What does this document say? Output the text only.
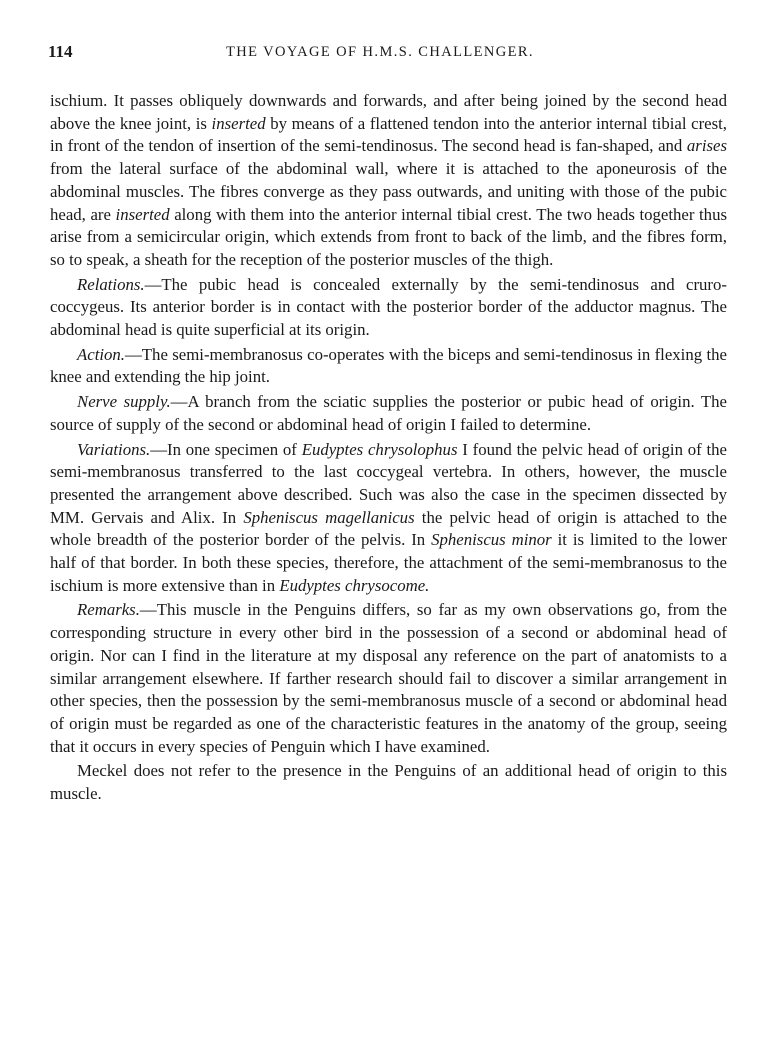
114	THE VOYAGE OF H.M.S. CHALLENGER.

ischium. It passes obliquely downwards and forwards, and after being joined by the second head above the knee joint, is inserted by means of a flattened tendon into the anterior internal tibial crest, in front of the tendon of insertion of the semi-tendinosus. The second head is fan-shaped, and arises from the lateral surface of the abdominal wall, where it is attached to the aponeurosis of the abdominal muscles. The fibres converge as they pass outwards, and uniting with those of the pubic head, are inserted along with them into the anterior internal tibial crest. The two heads together thus arise from a semicircular origin, which extends from front to back of the limb, and the fibres form, so to speak, a sheath for the reception of the posterior muscles of the thigh.

Relations.—The pubic head is concealed externally by the semi-tendinosus and cruro-coccygeus. Its anterior border is in contact with the posterior border of the adductor magnus. The abdominal head is quite superficial at its origin.

Action.—The semi-membranosus co-operates with the biceps and semi-tendinosus in flexing the knee and extending the hip joint.

Nerve supply.—A branch from the sciatic supplies the posterior or pubic head of origin. The source of supply of the second or abdominal head of origin I failed to determine.

Variations.—In one specimen of Eudyptes chrysolophus I found the pelvic head of origin of the semi-membranosus transferred to the last coccygeal vertebra. In others, however, the muscle presented the arrangement above described. Such was also the case in the specimen dissected by MM. Gervais and Alix. In Spheniscus magellanicus the pelvic head of origin is attached to the whole breadth of the posterior border of the pelvis. In Spheniscus minor it is limited to the lower half of that border. In both these species, therefore, the attachment of the semi-membranosus to the ischium is more extensive than in Eudyptes chrysocome.

Remarks.—This muscle in the Penguins differs, so far as my own observations go, from the corresponding structure in every other bird in the possession of a second or abdominal head of origin. Nor can I find in the literature at my disposal any reference on the part of anatomists to a similar arrangement elsewhere. If farther research should fail to discover a similar arrangement in other species, then the possession by the semi-membranosus muscle of a second or abdominal head of origin must be regarded as one of the characteristic features in the anatomy of the group, seeing that it occurs in every species of Penguin which I have examined.

Meckel does not refer to the presence in the Penguins of an additional head of origin to this muscle.
